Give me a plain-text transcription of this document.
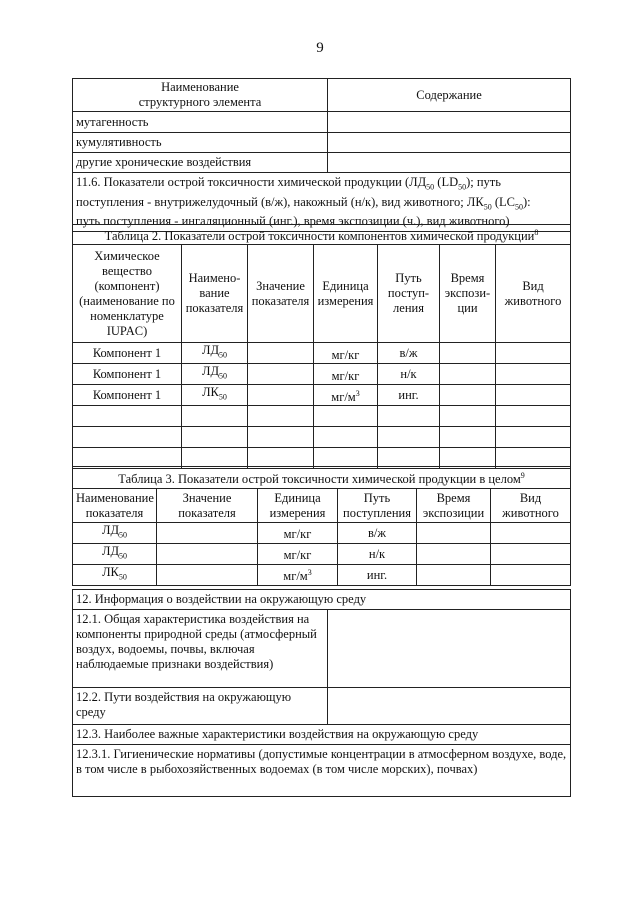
9
Наименование
структурного элемента	Содержание
мутагенность	
кумулятивность	
другие хронические воздействия	

11.6. Показатели острой токсичности химической продукции ($ЛД_{50}$ $(LD_{50})$; путь
поступления - внутрижелудочный (в/ж), накожный (н/к), вид животного; $ЛК_{50}$ $(LC_{50})$:
путь поступления - ингаляционный (инг.), время экспозиции (ч.), вид животного)	
Таблица 2. Показатели острой токсичности компонентов химической продукции$^8$
Химическое вещество (компонент) (наименование по номенклатуре IUPAC)	Наимено-вание показателя	Значение показателя	Единица измерения	Путь поступ-ления	Время экспози-ции	Вид животного
Компонент 1	$ЛД_{50}$		мг/кг	в/ж		
Компонент 1	$ЛД_{50}$		мг/кг	н/к		
Компонент 1	$ЛК_{50}$		$мг/м^3$	инг.		

Таблица 3. Показатели острой токсичности химической продукции в целом$^9$
Наименование показателя	Значение показателя	Единица измерения	Путь поступления	Время экспозиции	Вид животного
$ЛД_{50}$		мг/кг	в/ж		
$ЛД_{50}$		мг/кг	н/к		
$ЛК_{50}$		$мг/м^3$	инг.		
12. Информация о воздействии на окружающую среду	
12.1. Общая характеристика воздействия на компоненты природной среды (атмосферный воздух, водоемы, почвы, включая наблюдаемые признаки воздействия)	
12.2. Пути воздействия на окружающую среду	
12.3. Наиболее важные характеристики воздействия на окружающую среду	
12.3.1. Гигиенические нормативы (допустимые концентрации в атмосферном воздухе, воде, в том числе в рыбохозяйственных водоемах (в том числе морских), почвах)	
